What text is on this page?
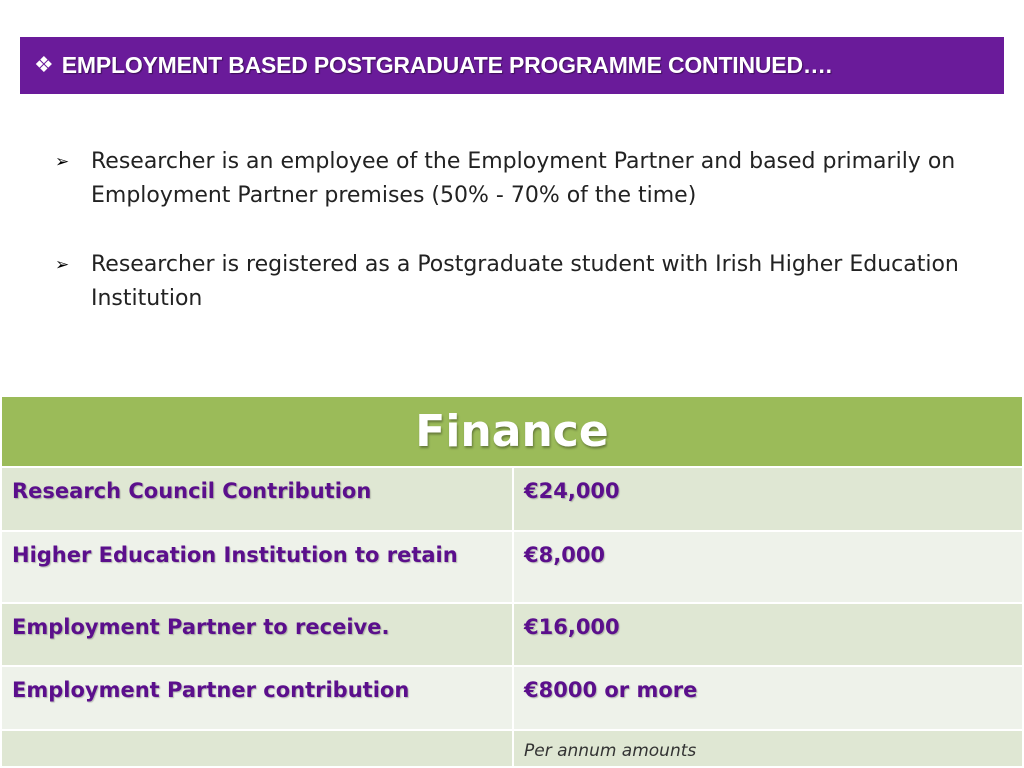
❖ EMPLOYMENT BASED POSTGRADUATE PROGRAMME CONTINUED….
➢ Researcher is an employee of the Employment Partner and based primarily on Employment Partner premises (50% - 70% of the time)
➢ Researcher is registered as a Postgraduate student with Irish Higher Education Institution
Finance	
Research Council Contribution	€24,000
Higher Education Institution to retain	€8,000
Employment Partner to receive.	€16,000
Employment Partner contribution	€8000 or more
	Per annum amounts
